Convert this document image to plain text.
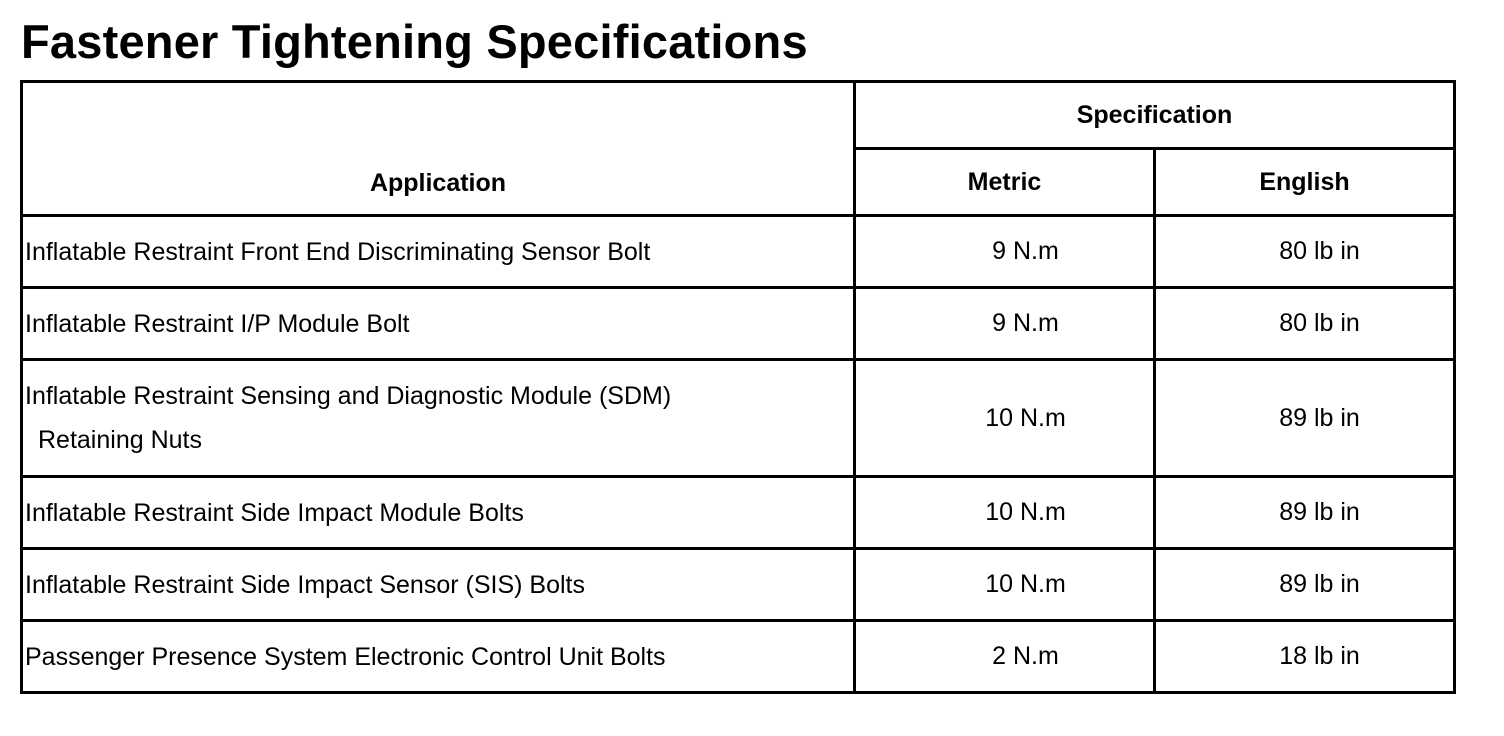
Fastener Tightening Specifications
Application	Specification	
	Metric	English
Inflatable Restraint Front End Discriminating Sensor Bolt	9 N.m	80 lb in
Inflatable Restraint I/P Module Bolt	9 N.m	80 lb in
Inflatable Restraint Sensing and Diagnostic Module (SDM)
Retaining Nuts	10 N.m	89 lb in
Inflatable Restraint Side Impact Module Bolts	10 N.m	89 lb in
Inflatable Restraint Side Impact Sensor (SIS) Bolts	10 N.m	89 lb in
Passenger Presence System Electronic Control Unit Bolts	2 N.m	18 lb in
